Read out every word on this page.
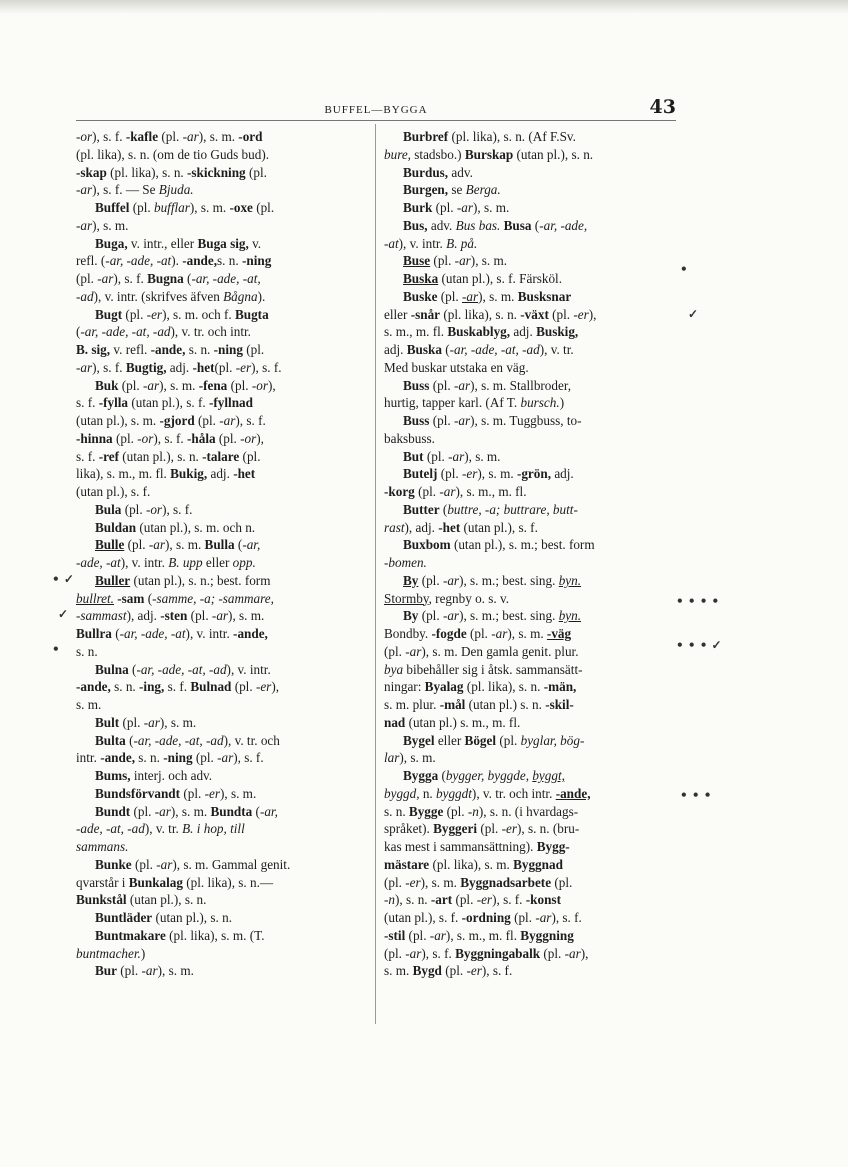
BUFFEL—BYGGA	43
-or), s. f. -kafle (pl. -ar), s. m. -ord
(pl. lika), s. n. (om de tio Guds bud).
-skap (pl. lika), s. n. -skickning (pl.
-ar), s. f. — Se Bjuda.
Buffel (pl. bufflar), s. m. -oxe (pl.
-ar), s. m.
Buga, v. intr., eller Buga sig, v.
refl. (-ar, -ade, -at). -ande,s. n. -ning
(pl. -ar), s. f. Bugna (-ar, -ade, -at,
-ad), v. intr. (skrifves äfven Bågna).
Bugt (pl. -er), s. m. och f. Bugta
(-ar, -ade, -at, -ad), v. tr. och intr.
B. sig, v. refl. -ande, s. n. -ning (pl.
-ar), s. f. Bugtig, adj. -het(pl. -er), s. f.
Buk (pl. -ar), s. m. -fena (pl. -or),
s. f. -fylla (utan pl.), s. f. -fyllnad
(utan pl.), s. m. -gjord (pl. -ar), s. f.
-hinna (pl. -or), s. f. -håla (pl. -or),
s. f. -ref (utan pl.), s. n. -talare (pl.
lika), s. m., m. fl. Bukig, adj. -het
(utan pl.), s. f.
Bula (pl. -or), s. f.
Buldan (utan pl.), s. m. och n.
Bulle (pl. -ar), s. m. Bulla (-ar,
-ade, -at), v. intr. B. upp eller opp.
Buller (utan pl.), s. n.; best. form
bullret. -sam (-samme, -a; -sammare,
-sammast), adj. -sten (pl. -ar), s. m.
Bullra (-ar, -ade, -at), v. intr. -ande,
s. n.
Bulna (-ar, -ade, -at, -ad), v. intr.
-ande, s. n. -ing, s. f. Bulnad (pl. -er),
s. m.
Bult (pl. -ar), s. m.
Bulta (-ar, -ade, -at, -ad), v. tr. och
intr. -ande, s. n. -ning (pl. -ar), s. f.
Bums, interj. och adv.
Bundsförvandt (pl. -er), s. m.
Bundt (pl. -ar), s. m. Bundta (-ar,
-ade, -at, -ad), v. tr. B. i hop, till
sammans.
Bunke (pl. -ar), s. m. Gammal genit.
qvarstår i Bunkalag (pl. lika), s. n.—
Bunkstål (utan pl.), s. n.
Buntläder (utan pl.), s. n.
Buntmakare (pl. lika), s. m. (T.
buntmacher.)
Bur (pl. -ar), s. m.
Burbref (pl. lika), s. n. (Af F.Sv.
bure, stadsbo.) Burskap (utan pl.), s. n.
Burdus, adv.
Burgen, se Berga.
Burk (pl. -ar), s. m.
Bus, adv. Bus bas. Busa (-ar, -ade,
-at), v. intr. B. på.
Buse (pl. -ar), s. m.
Buska (utan pl.), s. f. Färsköl.
Buske (pl. -ar), s. m. Busksnar
eller -snår (pl. lika), s. n. -växt (pl. -er),
s. m., m. fl. Buskablyg, adj. Buskig,
adj. Buska (-ar, -ade, -at, -ad), v. tr.
Med buskar utstaka en väg.
Buss (pl. -ar), s. m. Stallbroder,
hurtig, tapper karl. (Af T. bursch.)
Buss (pl. -ar), s. m. Tuggbuss, to-
baksbuss.
But (pl. -ar), s. m.
Butelj (pl. -er), s. m. -grön, adj.
-korg (pl. -ar), s. m., m. fl.
Butter (buttre, -a; buttrare, butt-
rast), adj. -het (utan pl.), s. f.
Buxbom (utan pl.), s. m.; best. form
-bomen.
By (pl. -ar), s. m.; best. sing. byn.
Stormby, regnby o. s. v.
By (pl. -ar), s. m.; best. sing. byn.
Bondby. -fogde (pl. -ar), s. m. -väg
(pl. -ar), s. m. Den gamla genit. plur.
bya bibehåller sig i åtsk. sammansätt-
ningar: Byalag (pl. lika), s. n. -män,
s. m. plur. -mål (utan pl.) s. n. -skil-
nad (utan pl.) s. m., m. fl.
Bygel eller Bögel (pl. byglar, bög-
lar), s. m.
Bygga (bygger, byggde, byggt,
byggd, n. byggdt), v. tr. och intr. -ande,
s. n. Bygge (pl. -n), s. n. (i hvardags-
språket). Byggeri (pl. -er), s. n. (bru-
kas mest i sammansättning). Bygg-
mästare (pl. lika), s. m. Byggnad
(pl. -er), s. m. Byggnadsarbete (pl.
-n), s. n. -art (pl. -er), s. f. -konst
(utan pl.), s. f. -ordning (pl. -ar), s. f.
-stil (pl. -ar), s. m., m. fl. Byggning
(pl. -ar), s. f. Byggningabalk (pl. -ar),
s. m. Bygd (pl. -er), s. f.
• ✓
✓
•
•
✓
• • • •
• • • ✓
• • •
